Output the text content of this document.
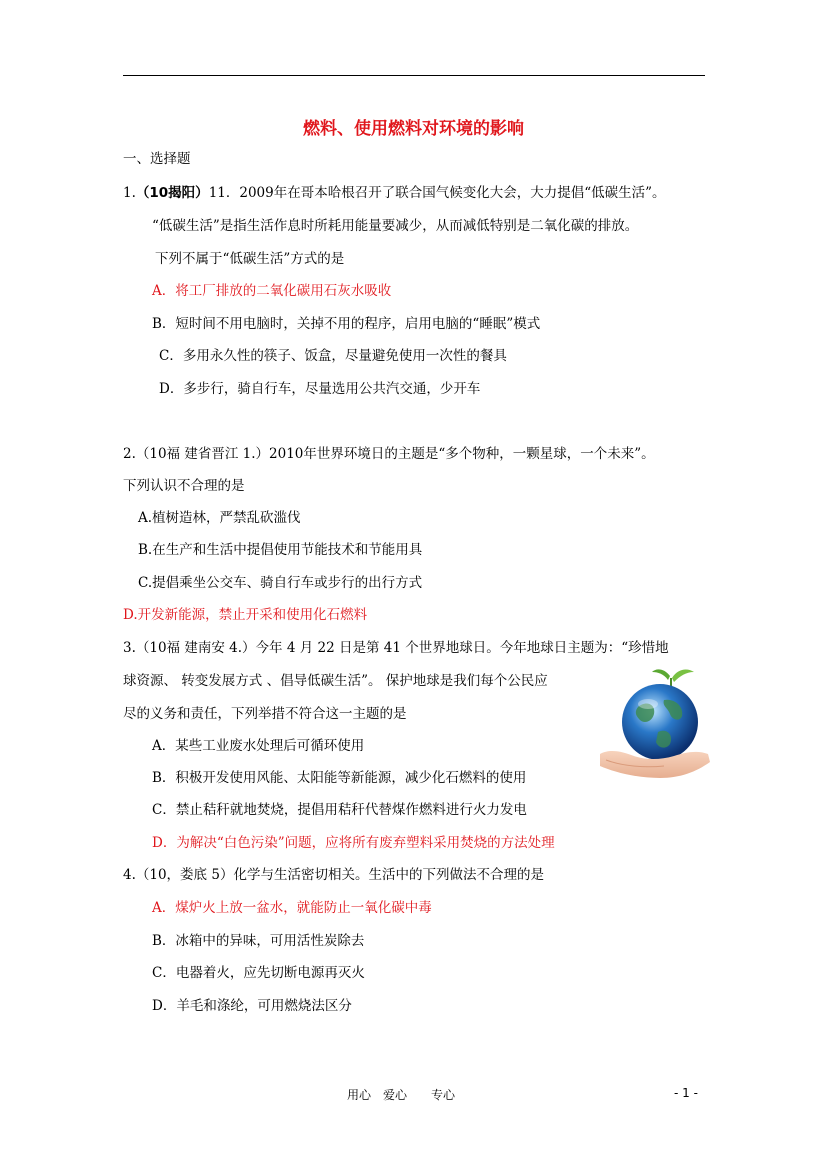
燃料、使用燃料对环境的影响
一、选择题
1.（10揭阳）11．2009年在哥本哈根召开了联合国气候变化大会，大力提倡“低碳生活”。
“低碳生活”是指生活作息时所耗用能量要减少，从而减低特别是二氧化碳的排放。
下列不属于“低碳生活”方式的是
A．将工厂排放的二氧化碳用石灰水吸收
B．短时间不用电脑时，关掉不用的程序，启用电脑的“睡眠”模式
C．多用永久性的筷子、饭盒，尽量避免使用一次性的餐具
D．多步行，骑自行车，尽量选用公共汽交通，少开车
2.（10福 建省晋江 1.）2010年世界环境日的主题是“多个物种，一颗星球，一个未来”。
下列认识不合理的是
A.植树造林，严禁乱砍滥伐
B.在生产和生活中提倡使用节能技术和节能用具
C.提倡乘坐公交车、骑自行车或步行的出行方式
D.开发新能源，禁止开采和使用化石燃料
3.（10福 建南安 4.）今年 4 月 22 日是第 41 个世界地球日。今年地球日主题为：“珍惜地
球资源、 转变发展方式 、倡导低碳生活”。 保护地球是我们每个公民应
尽的义务和责任，下列举措不符合这一主题的是
A．某些工业废水处理后可循环使用
B．积极开发使用风能、太阳能等新能源，减少化石燃料的使用
C．禁止秸秆就地焚烧，提倡用秸秆代替煤作燃料进行火力发电
D．为解决“白色污染”问题，应将所有废弃塑料采用焚烧的方法处理
4.（10，娄底 5）化学与生活密切相关。生活中的下列做法不合理的是
A．煤炉火上放一盆水，就能防止一氧化碳中毒
B．冰箱中的异味，可用活性炭除去
C．电器着火，应先切断电源再灭火
D．羊毛和涤纶，可用燃烧法区分
用心　爱心　　专心	- 1 -
